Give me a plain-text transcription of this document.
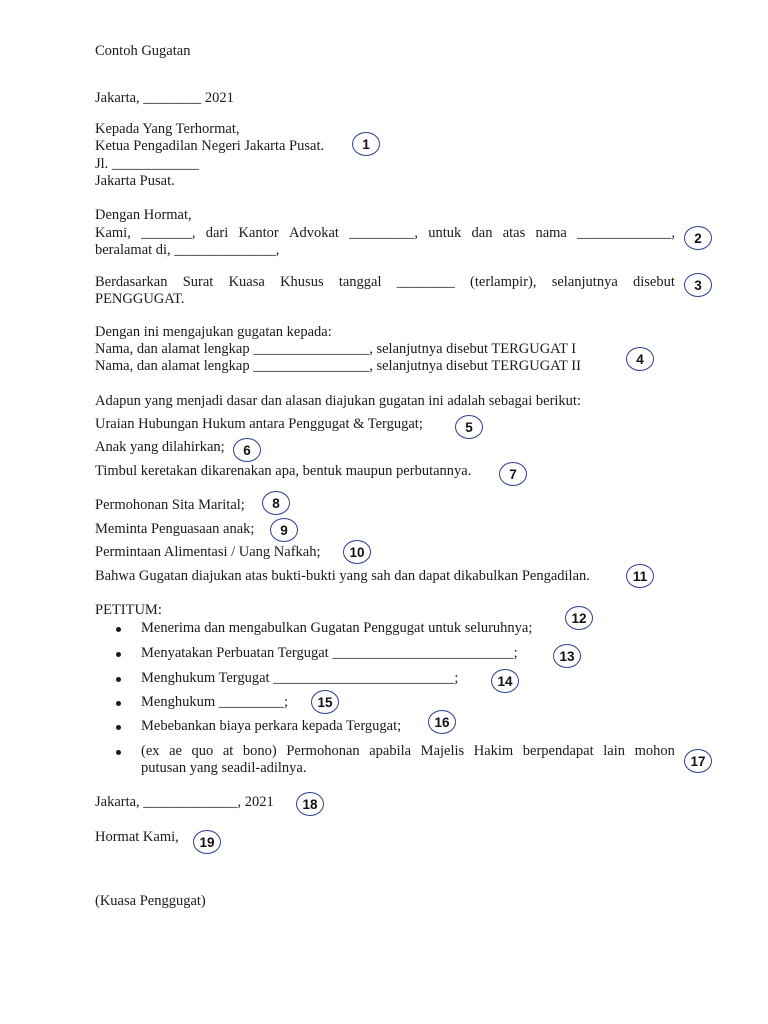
Contoh Gugatan

Jakarta, ________ 2021

Kepada Yang Terhormat,

Ketua Pengadilan Negeri Jakarta Pusat.

Jl. ____________

Jakarta Pusat.

Dengan Hormat,

Kami, _______, dari Kantor Advokat _________, untuk dan atas nama _____________,

beralamat di, ______________,

Berdasarkan Surat Kuasa Khusus tanggal ________ (terlampir), selanjutnya disebut

PENGGUGAT.

Dengan ini mengajukan gugatan kepada:

Nama, dan alamat lengkap ________________, selanjutnya disebut TERGUGAT I

Nama, dan alamat lengkap ________________, selanjutnya disebut TERGUGAT II

Adapun yang menjadi dasar dan alasan diajukan gugatan ini adalah sebagai berikut:

Uraian Hubungan Hukum antara Penggugat & Tergugat;

Anak yang dilahirkan;

Timbul keretakan dikarenakan apa, bentuk maupun perbutannya.

Permohonan Sita Marital;

Meminta Penguasaan anak;

Permintaan Alimentasi / Uang Nafkah;

Bahwa Gugatan diajukan atas bukti-bukti yang sah dan dapat dikabulkan Pengadilan.

PETITUM:

Menerima dan mengabulkan Gugatan Penggugat untuk seluruhnya;

Menyatakan Perbuatan Tergugat _________________________;

Menghukum Tergugat _________________________;

Menghukum _________;

Mebebankan biaya perkara kepada Tergugat;

(ex ae quo at bono) Permohonan apabila Majelis Hakim berpendapat lain mohon

putusan yang seadil-adilnya.

Jakarta, _____________, 2021

Hormat Kami,

(Kuasa Penggugat)

1
2
3
4
5
6
7
8
9
10
11
12
13
14
15
16
17
18
19
